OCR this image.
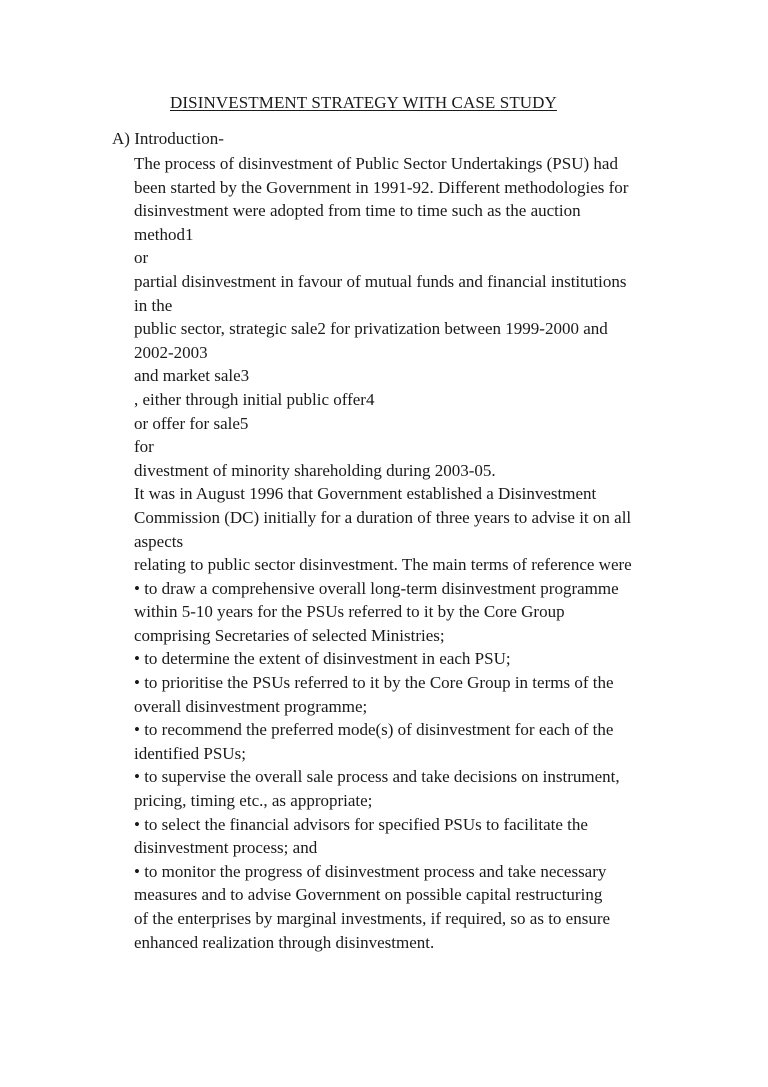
DISINVESTMENT STRATEGY WITH CASE STUDY
A) Introduction-
The process of disinvestment of Public Sector Undertakings (PSU) had
been started by the Government in 1991-92. Different methodologies for
disinvestment were adopted from time to time such as the auction
method1
or
partial disinvestment in favour of mutual funds and financial institutions
in the
public sector, strategic sale2 for privatization between 1999-2000 and
2002-2003
and market sale3
, either through initial public offer4
or offer for sale5
for
divestment of minority shareholding during 2003-05.
It was in August 1996 that Government established a Disinvestment
Commission (DC) initially for a duration of three years to advise it on all
aspects
relating to public sector disinvestment. The main terms of reference were
• to draw a comprehensive overall long-term disinvestment programme
within 5-10 years for the PSUs referred to it by the Core Group
comprising Secretaries of selected Ministries;
• to determine the extent of disinvestment in each PSU;
• to prioritise the PSUs referred to it by the Core Group in terms of the
overall disinvestment programme;
• to recommend the preferred mode(s) of disinvestment for each of the
identified PSUs;
• to supervise the overall sale process and take decisions on instrument,
pricing, timing etc., as appropriate;
• to select the financial advisors for specified PSUs to facilitate the
disinvestment process; and
• to monitor the progress of disinvestment process and take necessary
measures and to advise Government on possible capital restructuring
of the enterprises by marginal investments, if required, so as to ensure
enhanced realization through disinvestment.
